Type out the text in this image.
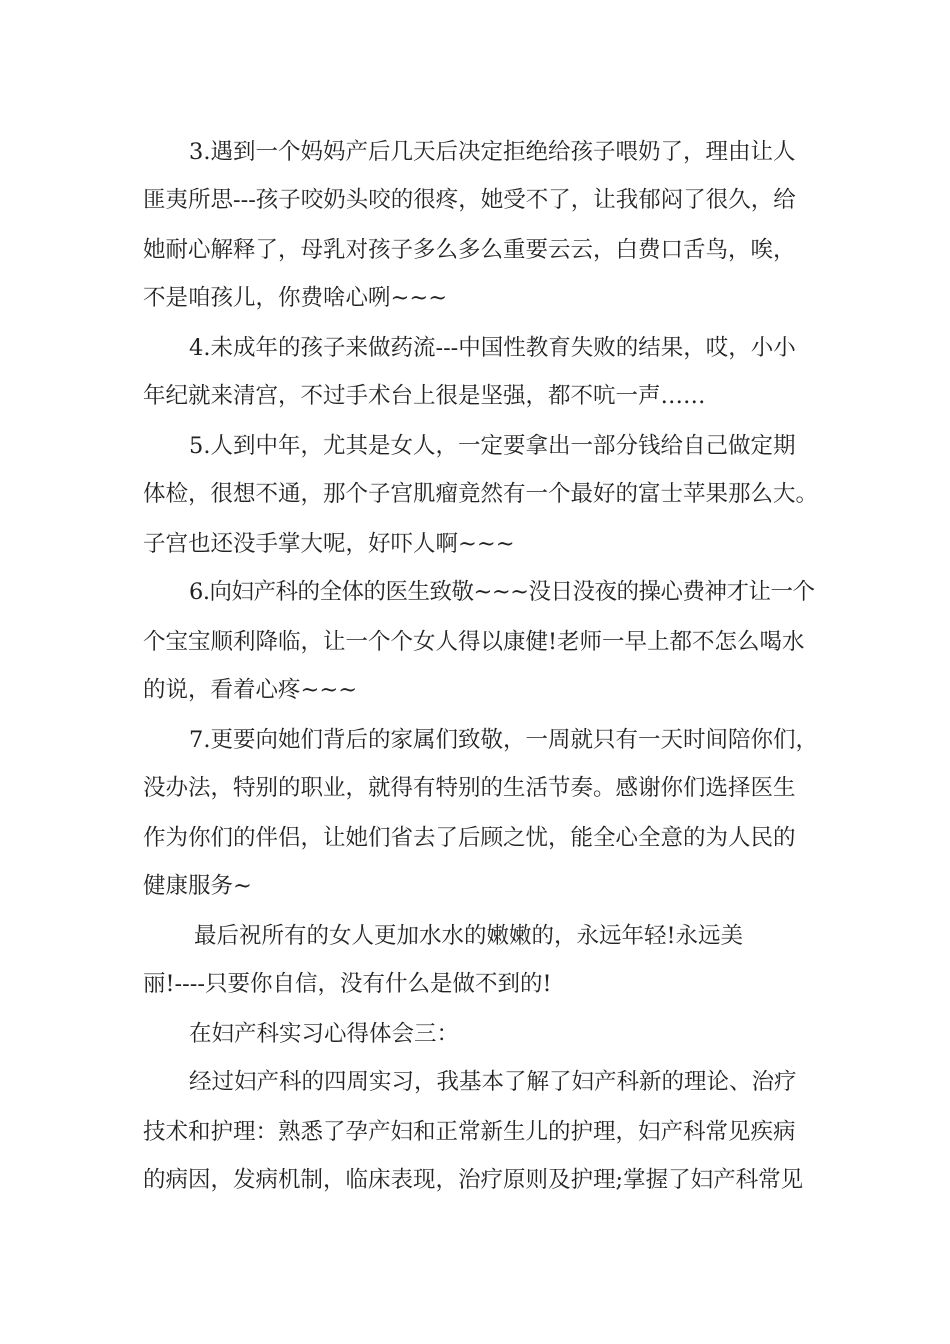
3.遇到一个妈妈产后几天后决定拒绝给孩子喂奶了，理由让人
匪夷所思---孩子咬奶头咬的很疼，她受不了，让我郁闷了很久，给
她耐心解释了，母乳对孩子多么多么重要云云，白费口舌鸟，唉，
不是咱孩儿，你费啥心咧~~~
4.未成年的孩子来做药流---中国性教育失败的结果，哎，小小
年纪就来清宫，不过手术台上很是坚强，都不吭一声……
5.人到中年，尤其是女人，一定要拿出一部分钱给自己做定期
体检，很想不通，那个子宫肌瘤竟然有一个最好的富士苹果那么大。
子宫也还没手掌大呢，好吓人啊~~~
6.向妇产科的全体的医生致敬~~~没日没夜的操心费神才让一个
个宝宝顺利降临，让一个个女人得以康健!老师一早上都不怎么喝水
的说，看着心疼~~~
7.更要向她们背后的家属们致敬，一周就只有一天时间陪你们，
没办法，特别的职业，就得有特别的生活节奏。感谢你们选择医生
作为你们的伴侣，让她们省去了后顾之忧，能全心全意的为人民的
健康服务~
最后祝所有的女人更加水水的嫩嫩的，永远年轻!永远美
丽!----只要你自信，没有什么是做不到的!
在妇产科实习心得体会三：
经过妇产科的四周实习，我基本了解了妇产科新的理论、治疗
技术和护理：熟悉了孕产妇和正常新生儿的护理，妇产科常见疾病
的病因，发病机制，临床表现，治疗原则及护理;掌握了妇产科常见
